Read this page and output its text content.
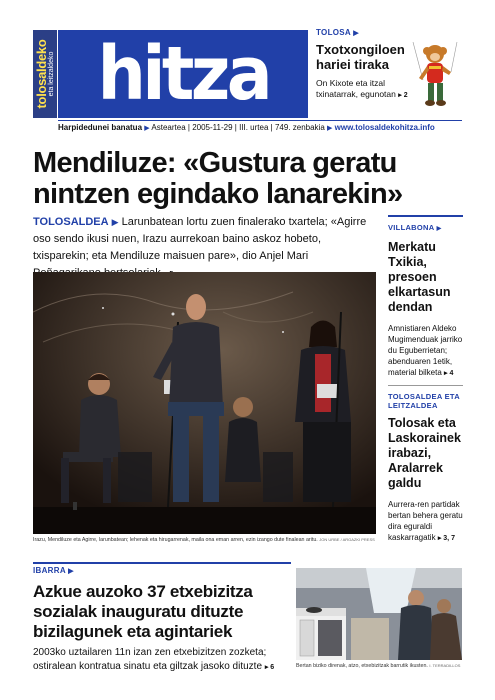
tolosaldeko eta leitzaldeko hitza	TOLOSA ▶
Txotxongiloen hariei tiraka
On Kixote eta itzal txinatarrak, egunotan ▸ 2
Harpidedunei banatua ▶ Asteartea | 2005-11-29 | III. urtea | 749. zenbakia ▶ www.tolosaldekohitza.info
Mendiluze: «Gustura geratu nintzen egindako lanarekin»
TOLOSALDEA ▶ Larunbatean lortu zuen finalerako txartela; «Agirre oso sendo ikusi nuen, Irazu aurrekoan baino askoz hobeto, txisparekin; eta Mendiluze maisuen pare», dio Anjel Mari
Irazu, Mendiluze eta Agirre, larunbatean; lehenak eta hirugarrenak, maila ona eman arren, ezin izango dute finalean aritu. JON URBE / ARGAZKI PRESS
VILLABONA ▶
Merkatu Txikia, presoen elkartasun dendan
Amnistiaren Aldeko Mugimenduak jarriko du Eguberrietan; abenduaren 1etik, material bilketa ▸ 4
TOLOSALDEA ETA LEITZALDEA
Tolosak eta Laskorainek irabazi, Aralarrek galdu
Aurrera-ren partidak bertan behera geratu dira eguraldi kaskarragatik ▸ 3, 7
IBARRA ▶
Azkue auzoko 37 etxebizitza sozialak inauguratu dituzte bizilagunek eta agintariek
2003ko uztailaren 11n izan zen etxebizitzen zozketa; ostiralean kontratua sinatu eta giltzak jasoko dituzte ▸ 6	Bertan biziko direnak, atzo, etxebizitzak barrutik ikusten. I. TERRADILLOS
